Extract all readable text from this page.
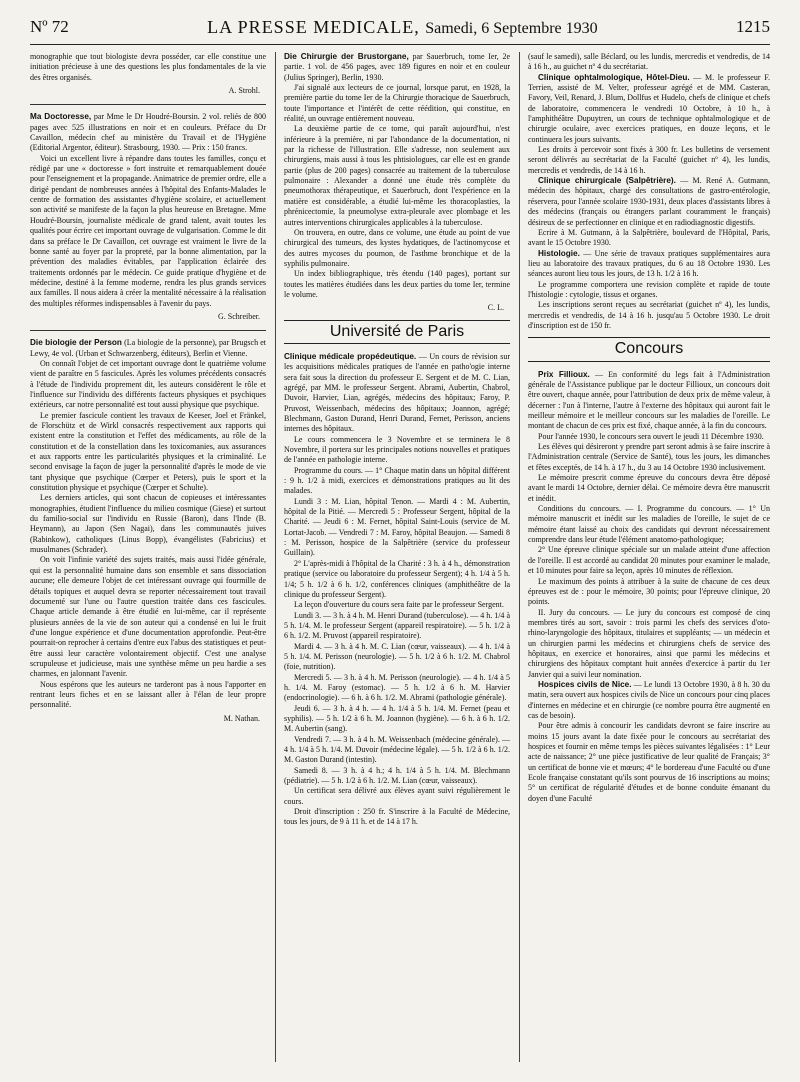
Nº 72	LA PRESSE MEDICALE, Samedi, 6 Septembre 1930	1215

monographie que tout biologiste devra posséder, car elle constitue une initiation précieuse à une des questions les plus fondamentales de la vie des êtres organisés.

A. Strohl.

Ma Doctoresse, par Mme le Dr Houdré-Boursin. 2 vol. reliés de 800 pages avec 525 illustrations en noir et en couleurs. Préface du Dr Cavaillon, médecin chef au ministère du Travail et de l'Hygiène (Editorial Argentor, éditeur). Strasbourg, 1930. — Prix : 150 francs.

Voici un excellent livre à répandre dans toutes les familles, conçu et rédigé par une « doctoresse » fort instruite et remarquablement douée pour l'enseignement et la propagande. Animatrice de premier ordre, elle a dirigé pendant de nombreuses années à l'hôpital des Enfants-Malades le centre de formation des assistantes d'hygiène scolaire, et actuellement son activité se manifeste de la façon la plus heureuse en Bretagne. Mme Houdré-Boursin, journaliste médicale de grand talent, avait toutes les qualités pour écrire cet important ouvrage de vulgarisation. Comme le dit dans sa préface le Dr Cavaillon, cet ouvrage est vraiment le livre de la bonne santé au foyer par la propreté, par la bonne alimentation, par la prévention des maladies évitables, par l'application éclairée des traitements ordonnés par le médecin. Ce guide pratique d'hygiène et de médecine, destiné à la femme moderne, rendra les plus grands services aux familles. Il nous aidera à créer la mentalité nécessaire à la réalisation des multiples réformes indispensables à l'avenir du pays.

G. Schreiber.

Die biologie der Person (La biologie de la personne), par Brugsch et Lewy, 4e vol. (Urban et Schwarzenberg, éditeurs), Berlin et Vienne.

On connaît l'objet de cet important ouvrage dont le quatrième volume vient de paraître en 5 fascicules. Après les volumes précédents consacrés à l'étude de l'individu proprement dit, les auteurs considèrent le rôle et l'influence sur l'individu des différents facteurs physiques et psychiques extérieurs, car notre personnalité est tout aussi physique que psychique.

Le premier fascicule contient les travaux de Keeser, Joel et Fränkel, de Florschütz et de Wirkl consacrés respectivement aux rapports qui existent entre la constitution et l'effet des médicaments, au rôle de la constitution et de la constellation dans les toxicomanies, aux assurances et aux rapports entre les particularités physiques et la criminalité. Le second envisage la façon de juger la personnalité d'après le mode de vie tant physique que psychique (Cœrper et Peters), puis le sport et la constitution physique et psychique (Cœrper et Schulte).

Les derniers articles, qui sont chacun de copieuses et intéressantes monographies, étudient l'influence du milieu cosmique (Giese) et surtout du familio-social sur l'individu en Russie (Baron), dans l'Inde (B. Heymann), au Japon (Sen Nagai), dans les communautés juives (Rabinkow), catholiques (Linus Bopp), évangélistes (Fabricius) et musulmanes (Schrader).

On voit l'infinie variété des sujets traités, mais aussi l'idée générale, qui est la personnalité humaine dans son ensemble et sans dissociation aucune; elle demeure l'objet de cet intéressant ouvrage qui fourmille de détails topiques et auquel devra se reporter nécessairement tout travail documenté sur l'une ou l'autre question traitée dans ces fascicules. Chaque article demande à être étudié en lui-même, car il représente plusieurs années de la vie de son auteur qui a condensé en lui le fruit d'une longue expérience et d'une documentation approfondie. Peut-être pourrait-on reprocher à certains d'entre eux l'abus des statistiques et peut-être aussi leur caractère volontairement objectif. C'est une analyse scrupuleuse et judicieuse, mais une synthèse même un peu hardie a ses charmes, en jalonnant l'avenir.

Nous espérons que les auteurs ne tarderont pas à nous l'apporter en rentrant leurs fiches et en se laissant aller à l'élan de leur propre personnalité.

M. Nathan.

Die Chirurgie der Brustorgane, par Sauerbruch, tome Ier, 2e partie. 1 vol. de 456 pages, avec 189 figures en noir et en couleur (Julius Springer), Berlin, 1930.

J'ai signalé aux lecteurs de ce journal, lorsque parut, en 1928, la première partie du tome Ier de la Chirurgie thoracique de Sauerbruch, toute l'importance et l'intérêt de cette réédition, qui constitue, en réalité, un ouvrage entièrement nouveau.

La deuxième partie de ce tome, qui paraît aujourd'hui, n'est inférieure à la première, ni par l'abondance de la documentation, ni par la richesse de l'illustration. Elle s'adresse, non seulement aux chirurgiens, mais aussi à tous les phtisiologues, car elle est en grande partie (plus de 200 pages) consacrée au traitement de la tuberculose pulmonaire : Alexander a donné une étude très complète du pneumothorax thérapeutique, et Sauerbruch, dont l'expérience en la matière est considérable, a étudié lui-même les thoracoplasties, la phrénicectomie, la pneumolyse extra-pleurale avec plombage et les autres interventions chirurgicales applicables à la tuberculose.

On trouvera, en outre, dans ce volume, une étude au point de vue chirurgical des tumeurs, des kystes hydatiques, de l'actinomycose et des autres mycoses du poumon, de l'asthme bronchique et de la syphilis pulmonaire.

Un index bibliographique, très étendu (140 pages), portant sur toutes les matières étudiées dans les deux parties du tome Ier, termine le volume.

C. L.
Université de Paris

Clinique médicale propédeutique. — Un cours de révision sur les acquisitions médicales pratiques de l'année en patho'ogie interne sera fait sous la direction du professeur E. Sergent et de M. C. Lian, agrégé, par MM. le professeur Sergent. Abrami, Aubertin, Chabrol, Duvoir, Harvier, Lian, agrégés, médecins des hôpitaux; Faroy, P. Pruvost, Weissenbach, médecins des hôpitaux; Joannon, agrégé; Blechmann, Gaston Durand, Henri Durand, Fernet, Perisson, anciens internes des hôpitaux.

Le cours commencera le 3 Novembre et se terminera le 8 Novembre, il portera sur les principales notions nouvelles et pratiques de l'année en pathologie interne.

Programme du cours. — 1° Chaque matin dans un hôpital différent : 9 h. 1/2 à midi, exercices et démonstrations pratiques au lit des malades.

Lundi 3 : M. Lian, hôpital Tenon. — Mardi 4 : M. Aubertin, hôpital de la Pitié. — Mercredi 5 : Professeur Sergent, hôpital de la Charité. — Jeudi 6 : M. Fernet, hôpital Saint-Louis (service de M. Lortat-Jacob. — Vendredi 7 : M. Faroy, hôpital Beaujon. — Samedi 8 : M. Perisson, hospice de la Salpêtrière (service du professeur Guillain).

2° L'après-midi à l'hôpital de la Charité : 3 h. à 4 h., démonstration pratique (service ou laboratoire du professeur Sergent); 4 h. 1/4 à 5 h. 1/4; 5 h. 1/2 à 6 h. 1/2, conférences cliniques (amphithéâtre de la clinique du professeur Sergent).

La leçon d'ouverture du cours sera faite par le professeur Sergent.

Lundi 3. — 3 h. à 4 h. M. Henri Durand (tuberculose). — 4 h. 1/4 à 5 h. 1/4. M. le professeur Sergent (appareil respiratoire). — 5 h. 1/2 à 6 h. 1/2. M. Pruvost (appareil respiratoire).

Mardi 4. — 3 h. à 4 h. M. C. Lian (cœur, vaisseaux). — 4 h. 1/4 à 5 h. 1/4. M. Perisson (neurologie). — 5 h. 1/2 à 6 h. 1/2. M. Chabrol (foie, nutrition).

Mercredi 5. — 3 h. à 4 h. M. Perisson (neurologie). — 4 h. 1/4 à 5 h. 1/4. M. Faroy (estomac). — 5 h. 1/2 à 6 h. M. Harvier (endocrinologie). — 6 h. à 6 h. 1/2. M. Abrami (pathologie générale).

Jeudi 6. — 3 h. à 4 h. — 4 h. 1/4 à 5 h. 1/4. M. Fernet (peau et syphilis). — 5 h. 1/2 à 6 h. M. Joannon (hygiène). — 6 h. à 6 h. 1/2. M. Aubertin (sang).

Vendredi 7. — 3 h. à 4 h. M. Weissenbach (médecine générale). — 4 h. 1/4 à 5 h. 1/4. M. Duvoir (médecine légale). — 5 h. 1/2 à 6 h. 1/2. M. Gaston Durand (intestin).

Samedi 8. — 3 h. à 4 h.; 4 h. 1/4 à 5 h. 1/4. M. Blechmann (pédiatrie). — 5 h. 1/2 à 6 h. 1/2. M. Lian (cœur, vaisseaux).

Un certificat sera délivré aux élèves ayant suivi régulièrement le cours.

Droit d'inscription : 250 fr. S'inscrire à la Faculté de Médecine, tous les jours, de 9 à 11 h. et de 14 à 17 h.

(sauf le samedi), salle Béclard, ou les lundis, mercredis et vendredis, de 14 à 16 h., au guichet nº 4 du secrétariat.

Clinique ophtalmologique, Hôtel-Dieu. — M. le professeur F. Terrien, assisté de M. Velter, professeur agrégé et de MM. Casteran, Favory, Veil, Renard, J. Blum, Dollfus et Hudelo, chefs de clinique et chefs de laboratoire, commencera le vendredi 10 Octobre, à 10 h., à l'amphithéâtre Dupuytren, un cours de technique ophtalmologique et de chirurgie oculaire, avec exercices pratiques, en douze leçons, et le continuera les jours suivants.

Les droits à percevoir sont fixés à 300 fr. Les bulletins de versement seront délivrés au secrétariat de la Faculté (guichet nº 4), les lundis, mercredis et vendredis, de 14 à 16 h.

Clinique chirurgicale (Salpêtrière). — M. René A. Gutmann, médecin des hôpitaux, chargé des consultations de gastro-entérologie, réservera, pour l'année scolaire 1930-1931, deux places d'assistants libres à des médecins (français ou étrangers parlant couramment le français) désireux de se perfectionner en clinique et en radiodiagnostic digestifs.

Ecrire à M. Gutmann, à la Salpêtrière, boulevard de l'Hôpital, Paris, avant le 15 Octobre 1930.

Histologie. — Une série de travaux pratiques supplémentaires aura lieu au laboratoire des travaux pratiques, du 6 au 18 Octobre 1930. Les séances auront lieu tous les jours, de 13 h. 1/2 à 16 h.

Le programme comportera une revision complète et rapide de toute l'histologie : cytologie, tissus et organes.

Les inscriptions seront reçues au secrétariat (guichet nº 4), les lundis, mercredis et vendredis, de 14 à 16 h. jusqu'au 5 Octobre 1930. Le droit d'inscription est de 150 fr.

Concours

Prix Fillioux. — En conformité du legs fait à l'Administration générale de l'Assistance publique par le docteur Fillioux, un concours doit être ouvert, chaque année, pour l'attribution de deux prix de même valeur, à décerner : l'un à l'interne, l'autre à l'externe des hôpitaux qui auront fait le meilleur mémoire et le meilleur concours sur les maladies de l'oreille. Le montant de chacun de ces prix est fixé, chaque année, à la fin du concours.

Pour l'année 1930, le concours sera ouvert le jeudi 11 Décembre 1930.

Les élèves qui désireront y prendre part seront admis à se faire inscrire à l'Administration centrale (Service de Santé), tous les jours, les dimanches et fêtes exceptés, de 14 h. à 17 h., du 3 au 14 Octobre 1930 inclusivement.

Le mémoire prescrit comme épreuve du concours devra être déposé avant le mardi 14 Octobre, dernier délai. Ce mémoire devra être manuscrit et inédit.

Conditions du concours. — I. Programme du concours. — 1° Un mémoire manuscrit et inédit sur les maladies de l'oreille, le sujet de ce mémoire étant laissé au choix des candidats qui devront nécessairement comprendre dans leur étude l'élément anatomo-pathologique;

2° Une épreuve clinique spéciale sur un malade atteint d'une affection de l'oreille. Il est accordé au candidat 20 minutes pour examiner le malade, et 10 minutes pour faire sa leçon, après 10 minutes de réflexion.

Le maximum des points à attribuer à la suite de chacune de ces deux épreuves est de : pour le mémoire, 30 points; pour l'épreuve clinique, 20 points.

II. Jury du concours. — Le jury du concours est composé de cinq membres tirés au sort, savoir : trois parmi les chefs des services d'oto-rhino-laryngologie des hôpitaux, titulaires et suppléants; — un médecin et un chirurgien parmi les médecins et chirurgiens chefs de service des hôpitaux, en exercice et honoraires, ainsi que parmi les médecins et chirurgiens des hôpitaux comptant huit années d'exercice à partir du 1er Janvier qui a suivi leur nomination.

Hospices civils de Nice. — Le lundi 13 Octobre 1930, à 8 h. 30 du matin, sera ouvert aux hospices civils de Nice un concours pour cinq places d'internes en médecine et en chirurgie (ce nombre pourra être augmenté en cas de besoin).

Pour être admis à concourir les candidats devront se faire inscrire au moins 15 jours avant la date fixée pour le concours au secrétariat des hospices et fournir en même temps les pièces suivantes légalisées : 1° Leur acte de naissance; 2° une pièce justificative de leur qualité de Français; 3° un certificat de bonne vie et mœurs; 4° le bordereau d'une Faculté ou d'une Ecole française constatant qu'ils sont pourvus de 16 inscriptions au moins; 5° un certificat de régularité d'études et de bonne conduite émanant du doyen d'une Faculté
